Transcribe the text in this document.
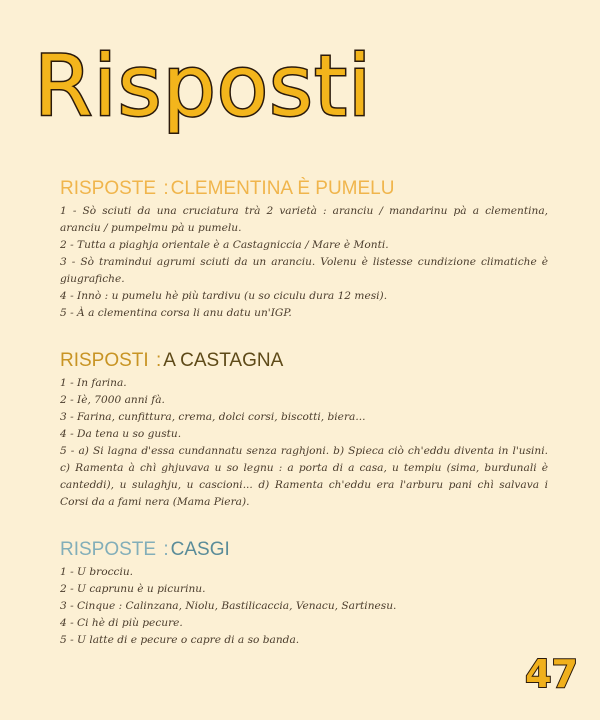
Risposti
RISPOSTE : CLEMENTINA È PUMELU
1 - Sò sciuti da una cruciatura trà 2 varietà : aranciu / mandarinu pà a clementina, aranciu / pumpelmu pà u pumelu.
2 - Tutta a piaghja orientale è a Castagniccia / Mare è Monti.
3 - Sò tramindui agrumi sciuti da un aranciu. Volenu è listesse cundizione climatiche è giugrafiche.
4 - Innò : u pumelu hè più tardivu (u so ciculu dura 12 mesi).
5 - À a clementina corsa li anu datu un'IGP.
RISPOSTI : A CASTAGNA
1 - In farina.
2 - Iè, 7000 anni fà.
3 - Farina, cunfittura, crema, dolci corsi, biscotti, biera...
4 - Da tena u so gustu.
5 - a) Si lagna d'essa cundannatu senza raghjoni. b) Spieca ciò ch'eddu diventa in l'usini. c) Ramenta à chì ghjuvava u so legnu : a porta di a casa, u tempiu (sima, burdunali è canteddi), u sulaghju, u cascioni... d) Ramenta ch'eddu era l'arburu pani chì salvava i Corsi da a fami nera (Mama Piera).
RISPOSTE : CASGI
1 - U brocciu.
2 - U caprunu è u picurinu.
3 - Cinque : Calinzana, Niolu, Bastilicaccia, Venacu, Sartinesu.
4 - Ci hè di più pecure.
5 - U latte di e pecure o capre di a so banda.
47
